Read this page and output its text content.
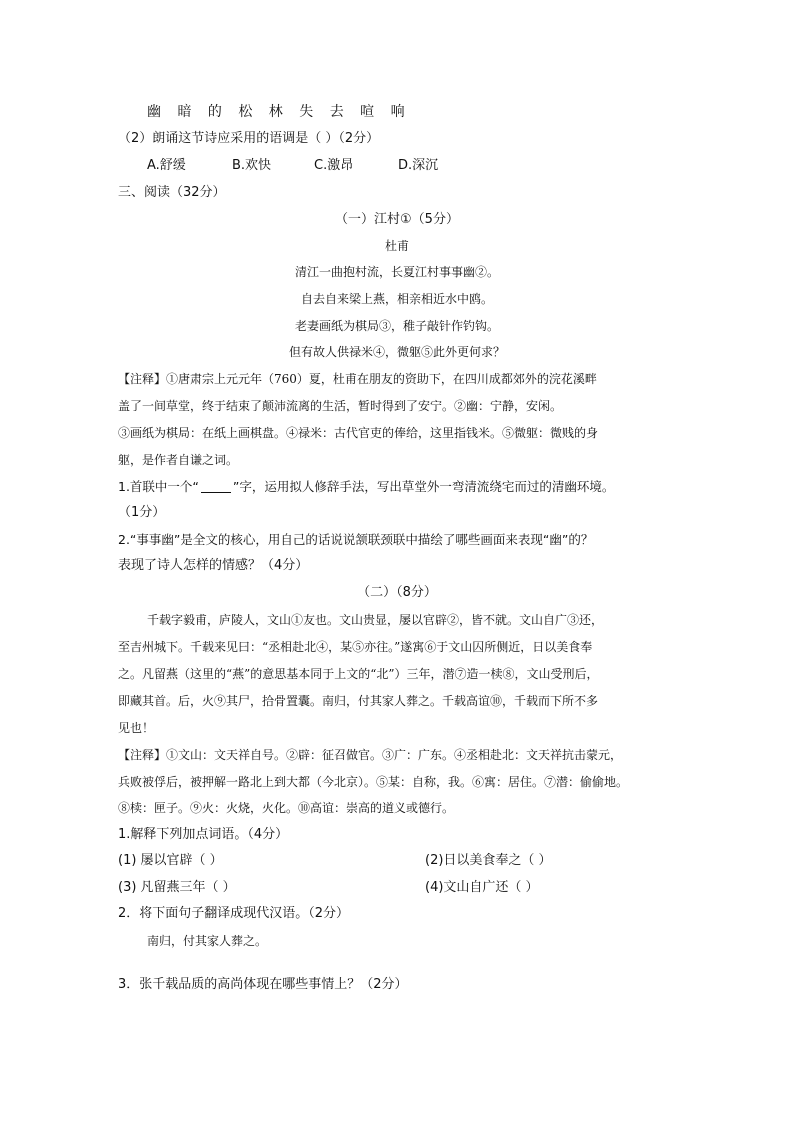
幽 暗 的 松 林 失 去 喧 响
（2）朗诵这节诗应采用的语调是（ ）（2分）
A.舒缓	B.欢快	C.激昂	D.深沉
三、阅读（32分）
（一）江村①（5分）
杜甫
清江一曲抱村流，长夏江村事事幽②。
自去自来梁上燕，相亲相近水中鸥。
老妻画纸为棋局③，稚子敲针作钓钩。
但有故人供禄米④，微躯⑤此外更何求？
【注释】①唐肃宗上元元年（760）夏，杜甫在朋友的资助下，在四川成都郊外的浣花溪畔
盖了一间草堂，终于结束了颠沛流离的生活，暂时得到了安宁。②幽：宁静，安闲。
③画纸为棋局：在纸上画棋盘。④禄米：古代官吏的俸给，这里指钱米。⑤微躯：微贱的身
躯，是作者自谦之词。
1.首联中一个“	”字，运用拟人修辞手法，写出草堂外一弯清流绕宅而过的清幽环境。
（1分）
2.“事事幽”是全文的核心，用自己的话说说颔联颈联中描绘了哪些画面来表现“幽”的？
表现了诗人怎样的情感？（4分）
（二）（8分）
千载字毅甫，庐陵人，文山①友也。文山贵显，屡以官辟②，皆不就。文山自广③还，
至吉州城下。千载来见曰：“丞相赴北④，某⑤亦往。”遂寓⑥于文山囚所侧近，日以美食奉
之。凡留燕（这里的“燕”的意思基本同于上文的“北”）三年，潜⑦造一椟⑧，文山受刑后，
即藏其首。后，火⑨其尸，拾骨置囊。南归，付其家人葬之。千载高谊⑩，千载而下所不多
见也！
【注释】①文山：文天祥自号。②辟：征召做官。③广：广东。④丞相赴北：文天祥抗击蒙元，
兵败被俘后，被押解一路北上到大都（今北京）。⑤某：自称，我。⑥寓：居住。⑦潜：偷偷地。
⑧椟：匣子。⑨火：火烧，火化。⑩高谊：崇高的道义或德行。
1.解释下列加点词语。（4分）
(1) 屡以官辟（ ）	(2)日以美食奉之（ ）
(3) 凡留燕三年（ ）	(4)文山自广还（ ）
2．将下面句子翻译成现代汉语。（2分）
南归，付其家人葬之。
3．张千载品质的高尚体现在哪些事情上？（2分）
